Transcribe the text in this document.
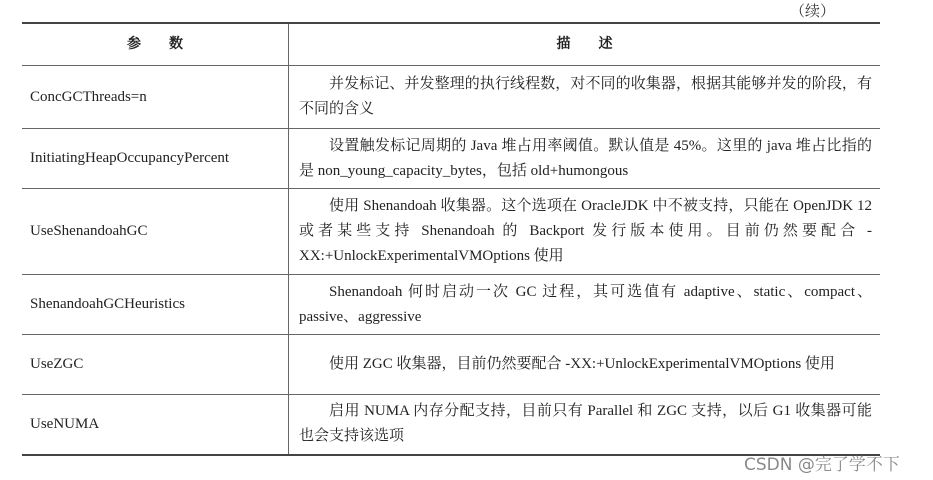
（续）
参　　数	描　　述
ConcGCThreads=n	并发标记、并发整理的执行线程数，对不同的收集器，根据其能够并发的阶段，有不同的含义
InitiatingHeapOccupancyPercent	设置触发标记周期的 Java 堆占用率阈值。默认值是 45%。这里的 java 堆占比指的是 non_young_capacity_bytes，包括 old+humongous
UseShenandoahGC	使用 Shenandoah 收集器。这个选项在 OracleJDK 中不被支持，只能在 OpenJDK 12 或者某些支持 Shenandoah 的 Backport 发行版本使用。目前仍然要配合 -XX:+UnlockExperimentalVMOptions 使用
ShenandoahGCHeuristics	Shenandoah 何时启动一次 GC 过程，其可选值有 adaptive、static、compact、passive、aggressive
UseZGC	使用 ZGC 收集器，目前仍然要配合 -XX:+UnlockExperimentalVMOptions 使用
UseNUMA	启用 NUMA 内存分配支持，目前只有 Parallel 和 ZGC 支持，以后 G1 收集器可能也会支持该选项
CSDN @完了学不下
